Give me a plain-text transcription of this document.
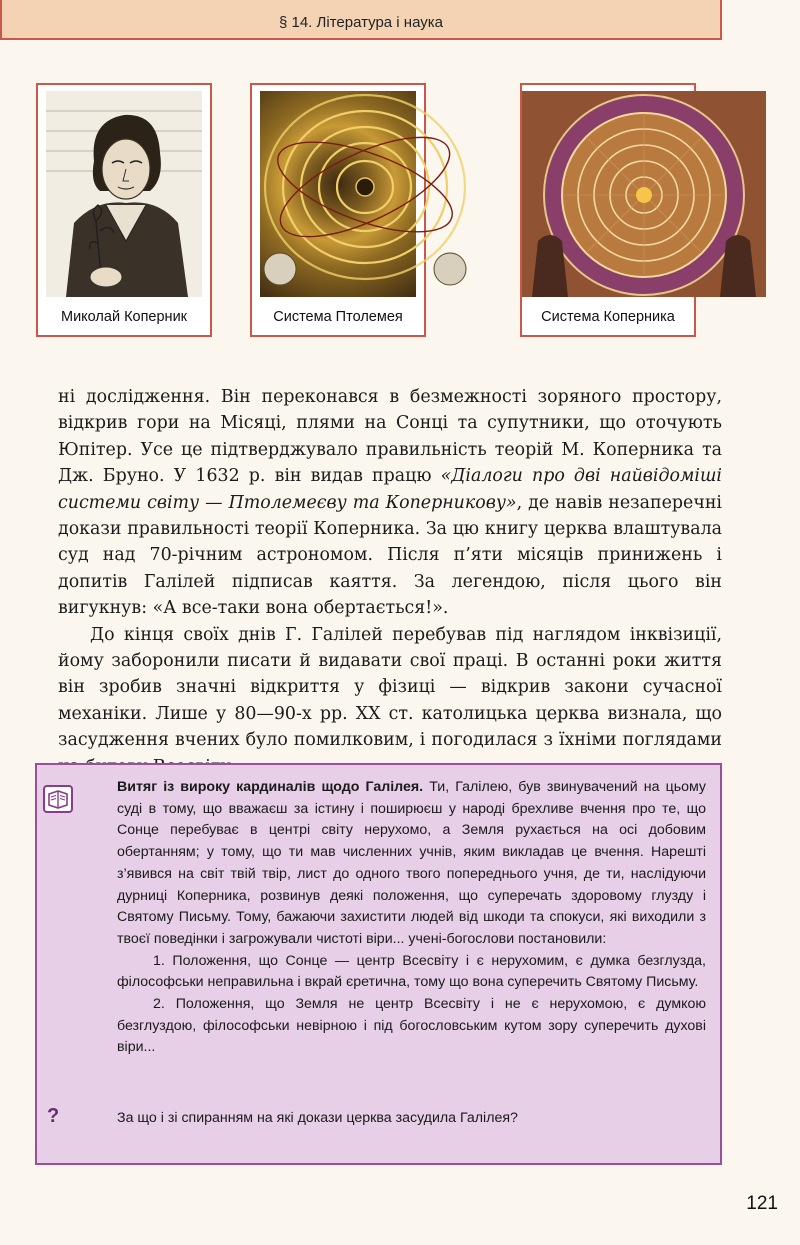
§ 14. Література і наука
Миколай Коперник	Система Птолемея	Система Коперника

ні дослідження. Він переконався в безмежності зоряного простору, відкрив гори на Місяці, плями на Сонці та супутники, що оточують Юпітер. Усе це підтверджувало правильність теорій М. Коперника та Дж. Бруно. У 1632 р. він видав працю «Діалоги про дві найвідоміші системи світу — Птолемеєву та Коперникову», де навів незаперечні докази правильності теорії Коперника. За цю книгу церква влаштувала суд над 70-річним астрономом. Після п’яти місяців принижень і допитів Галілей підписав каяття. За легендою, після цього він вигукнув: «А все-таки вона обертається!».

До кінця своїх днів Г. Галілей перебував під наглядом інквізиції, йому заборонили писати й видавати свої праці. В останні роки життя він зробив значні відкриття у фізиці — відкрив закони сучасної механіки. Лише у 80—90-х рр. XX ст. католицька церква визнала, що засудження вчених було помилковим, і погодилася з їхніми поглядами

Витяг із вироку кардиналів щодо Галілея. Ти, Галілею, був звинувачений на цьому суді в тому, що вважаєш за істину і поширюєш у народі брехливе вчення про те, що Сонце перебуває в центрі світу нерухомо, а Земля рухається на осі добовим обертанням; у тому, що ти мав численних учнів, яким викладав це вчення. Нарешті з’явився на світ твій твір, лист до одного твого попереднього учня, де ти, наслідуючи дурниці Коперника, розвинув деякі положення, що суперечать здоровому глузду і Святому Письму. Тому, бажаючи захистити людей від шкоди та спокуси, які виходили з твоєї поведінки і загрожували чистоті віри... учені-богослови постановили:

1. Положення, що Сонце — центр Всесвіту і є нерухомим, є думка безглузда, філософськи неправильна і вкрай єретична, тому що вона суперечить Святому Письму.

2. Положення, що Земля не центр Всесвіту і не є нерухомою, є думкою безглуздою, філософськи невірною і під богословським кутом зору суперечить духові віри...

?	За що і зі спиранням на які докази церква засудила Галілея?
121
